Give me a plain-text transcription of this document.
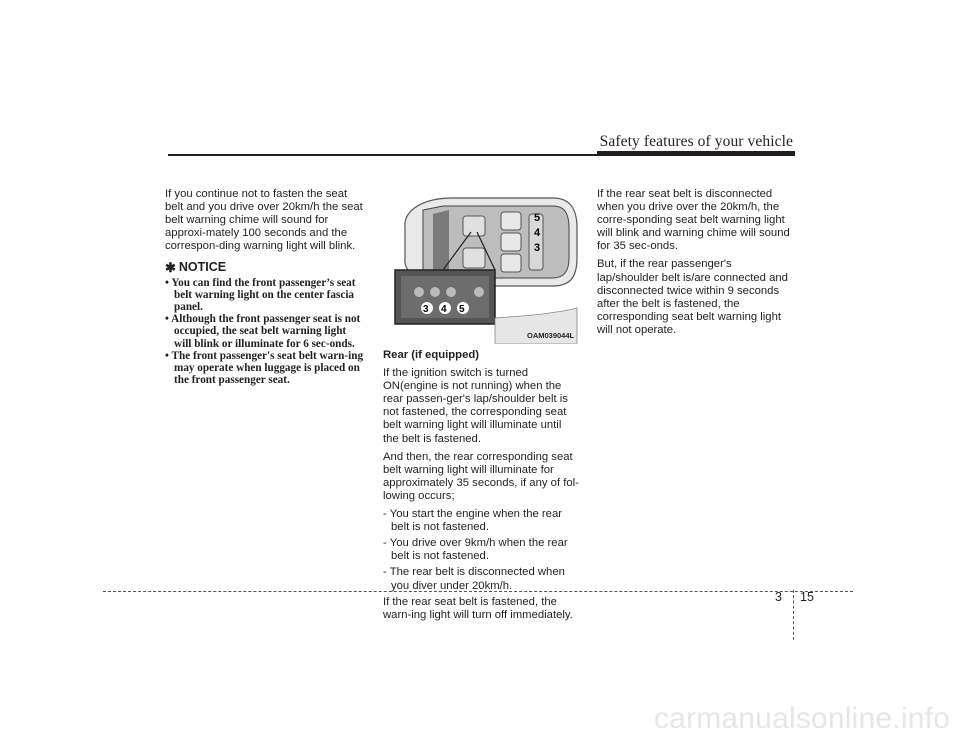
Safety features of your vehicle

If you continue not to fasten the seat belt and you drive over 20km/h the seat belt warning chime will sound for approxi-mately 100 seconds and the correspon-ding warning light will blink.

✱ NOTICE
• You can find the front passenger’s seat belt warning light on the center fascia panel.
• Although the front passenger seat is not occupied, the seat belt warning light will blink or illuminate for 6 sec-onds.
• The front passenger's seat belt warn-ing may operate when luggage is placed on the front passenger seat.
5
4
3
3 4 5
OAM039044L

Rear (if equipped)

If the ignition switch is turned ON(engine is not running) when the rear passen-ger's lap/shoulder belt is not fastened, the corresponding seat belt warning light will illuminate until the belt is fastened.

And then, the rear corresponding seat belt warning light will illuminate for approximately 35 seconds, if any of fol-lowing occurs;

- You start the engine when the rear belt is not fastened.
- You drive over 9km/h when the rear belt is not fastened.
- The rear belt is disconnected when you diver under 20km/h.

If the rear seat belt is fastened, the warn-ing light will turn off immediately.

If the rear seat belt is disconnected when you drive over the 20km/h, the corre-sponding seat belt warning light will blink and warning chime will sound for 35 sec-onds.

But, if the rear passenger's lap/shoulder belt is/are connected and disconnected twice within 9 seconds after the belt is fastened, the corresponding seat belt warning light will not operate.

3 15
carmanualsonline.info
